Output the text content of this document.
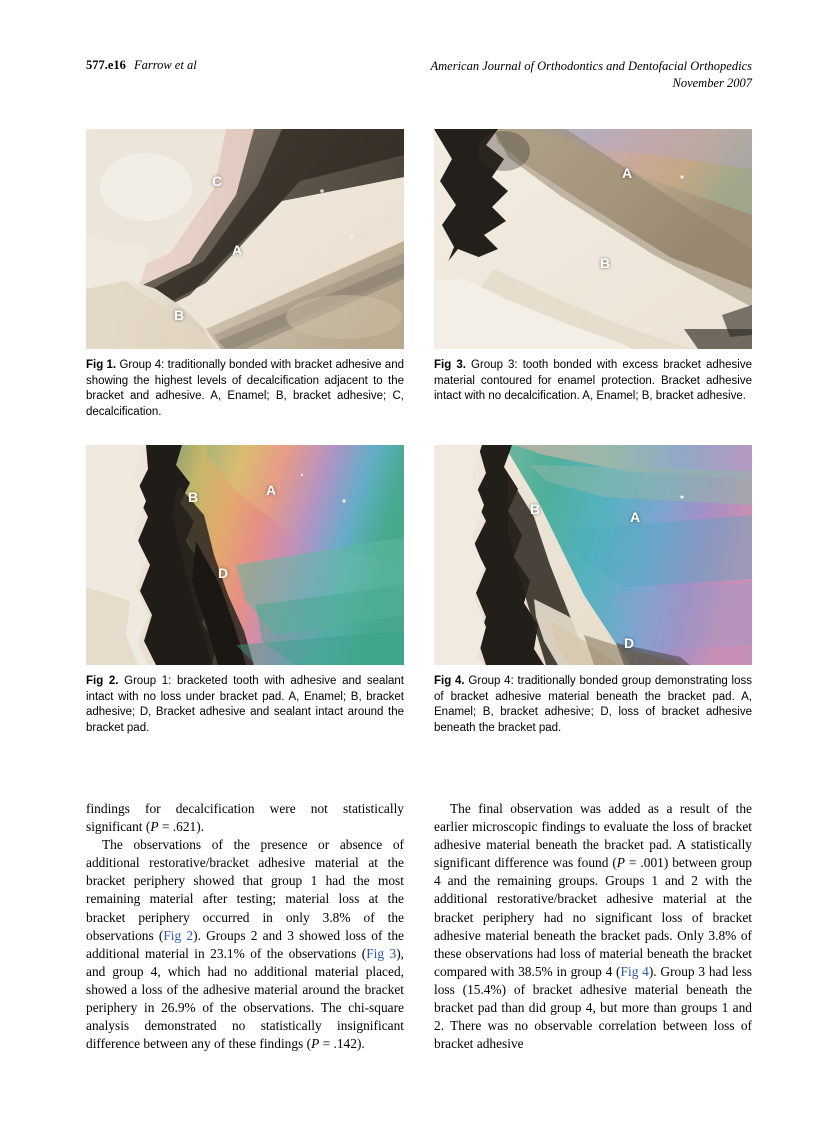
577.e16 Farrow et al	American Journal of Orthodontics and Dentofacial Orthopedics
November 2007
C
A
B
Fig 1. Group 4: traditionally bonded with bracket adhesive and showing the highest levels of decalcification adjacent to the bracket and adhesive. A, Enamel; B, bracket adhesive; C, decalcification.
A
B
Fig 3. Group 3: tooth bonded with excess bracket adhesive material contoured for enamel protection. Bracket adhesive intact with no decalcification. A, Enamel; B, bracket adhesive.
B	A
D
Fig 2. Group 1: bracketed tooth with adhesive and sealant intact with no loss under bracket pad. A, Enamel; B, bracket adhesive; D, Bracket adhesive and sealant intact around the bracket pad.
B	A
D
Fig 4. Group 4: traditionally bonded group demonstrating loss of bracket adhesive material beneath the bracket pad. A, Enamel; B, bracket adhesive; D, loss of bracket adhesive beneath the bracket pad.

findings for decalcification were not statistically significant (P = .621).

The observations of the presence or absence of additional restorative/bracket adhesive material at the bracket periphery showed that group 1 had the most remaining material after testing; material loss at the bracket periphery occurred in only 3.8% of the observations (Fig 2). Groups 2 and 3 showed loss of the additional material in 23.1% of the observations (Fig 3), and group 4, which had no additional material placed, showed a loss of the adhesive material around the bracket periphery in 26.9% of the observations. The chi-square analysis demonstrated no statistically insignificant difference between any of these findings (P = .142).

The final observation was added as a result of the earlier microscopic findings to evaluate the loss of bracket adhesive material beneath the bracket pad. A statistically significant difference was found (P = .001) between group 4 and the remaining groups. Groups 1 and 2 with the additional restorative/bracket adhesive material at the bracket periphery had no significant loss of bracket adhesive material beneath the bracket pads. Only 3.8% of these observations had loss of material beneath the bracket compared with 38.5% in group 4 (Fig 4). Group 3 had less loss (15.4%) of bracket adhesive material beneath the bracket pad than did group 4, but more than groups 1 and 2. There was no observable correlation between loss of bracket adhesive
